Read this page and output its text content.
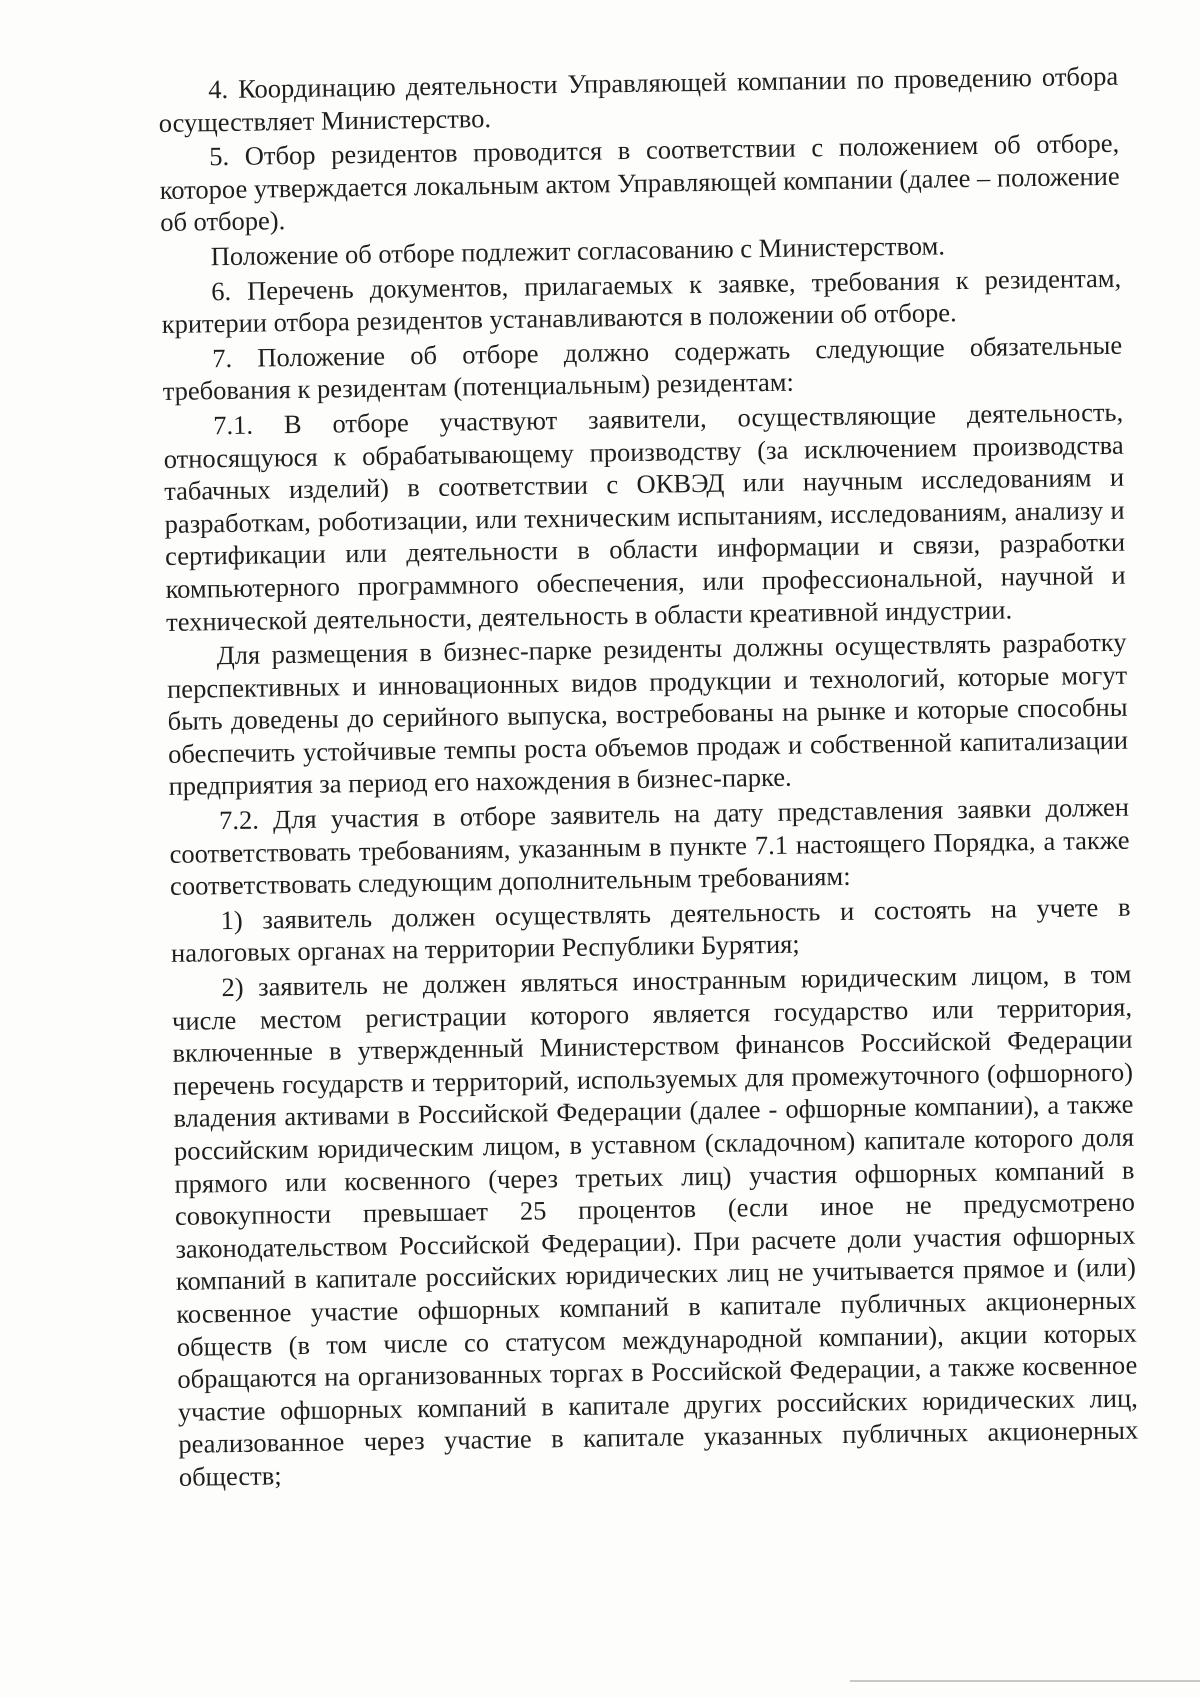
4. Координацию деятельности Управляющей компании по проведению отбора осуществляет Министерство.

5. Отбор резидентов проводится в соответствии с положением об отборе, которое утверждается локальным актом Управляющей компании (далее – положение об отборе).

Положение об отборе подлежит согласованию с Министерством.

6. Перечень документов, прилагаемых к заявке, требования к резидентам, критерии отбора резидентов устанавливаются в положении об отборе.

7. Положение об отборе должно содержать следующие обязательные требования к резидентам (потенциальным) резидентам:

7.1. В отборе участвуют заявители, осуществляющие деятельность, относящуюся к обрабатывающему производству (за исключением производства табачных изделий) в соответствии с ОКВЭД или научным исследованиям и разработкам, роботизации, или техническим испытаниям, исследованиям, анализу и сертификации или деятельности в области информации и связи, разработки компьютерного программного обеспечения, или профессиональной, научной и технической деятельности, деятельность в области креативной индустрии.

Для размещения в бизнес-парке резиденты должны осуществлять разработку перспективных и инновационных видов продукции и технологий, которые могут быть доведены до серийного выпуска, востребованы на рынке и которые способны обеспечить устойчивые темпы роста объемов продаж и собственной капитализации предприятия за период его нахождения в бизнес-парке.

7.2. Для участия в отборе заявитель на дату представления заявки должен соответствовать требованиям, указанным в пункте 7.1 настоящего Порядка, а также соответствовать следующим дополнительным требованиям:

1) заявитель должен осуществлять деятельность и состоять на учете в налоговых органах на территории Республики Бурятия;

2) заявитель не должен являться иностранным юридическим лицом, в том числе местом регистрации которого является государство или территория, включенные в утвержденный Министерством финансов Российской Федерации перечень государств и территорий, используемых для промежуточного (офшорного) владения активами в Российской Федерации (далее - офшорные компании), а также российским юридическим лицом, в уставном (складочном) капитале которого доля прямого или косвенного (через третьих лиц) участия офшорных компаний в совокупности превышает 25 процентов (если иное не предусмотрено законодательством Российской Федерации). При расчете доли участия офшорных компаний в капитале российских юридических лиц не учитывается прямое и (или) косвенное участие офшорных компаний в капитале публичных акционерных обществ (в том числе со статусом международной компании), акции которых обращаются на организованных торгах в Российской Федерации, а также косвенное участие офшорных компаний в капитале других российских юридических лиц, реализованное через участие в капитале указанных публичных акционерных обществ;
